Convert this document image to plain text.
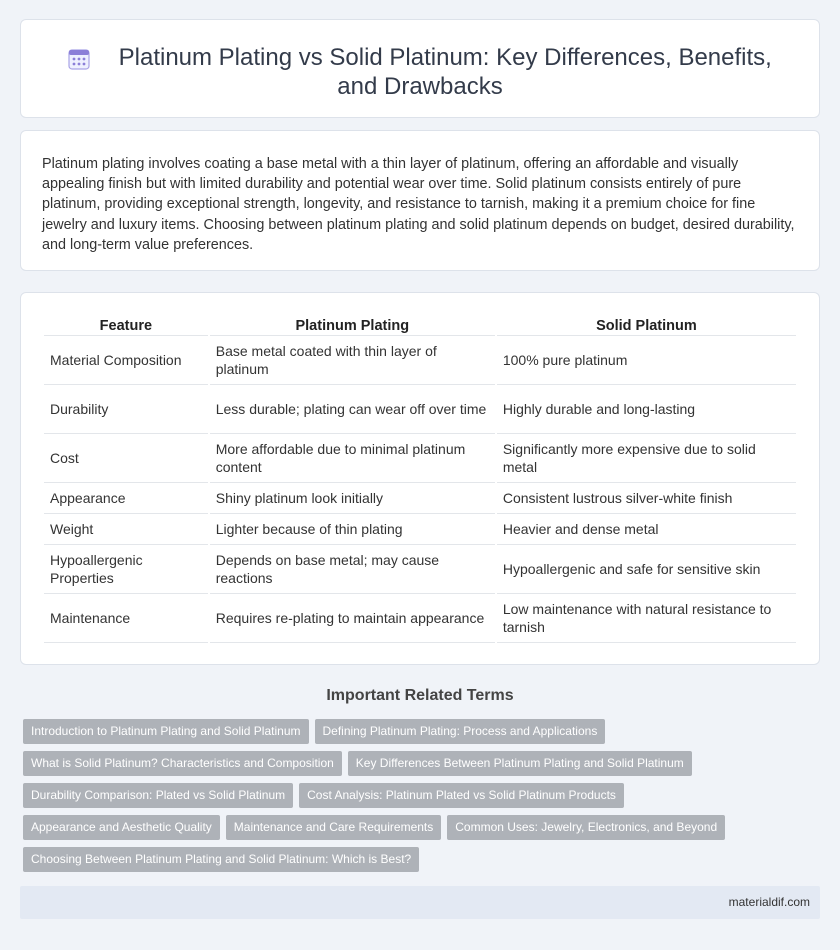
Platinum Plating vs Solid Platinum: Key Differences, Benefits, and Drawbacks

Platinum plating involves coating a base metal with a thin layer of platinum, offering an affordable and visually appealing finish but with limited durability and potential wear over time. Solid platinum consists entirely of pure platinum, providing exceptional strength, longevity, and resistance to tarnish, making it a premium choice for fine jewelry and luxury items. Choosing between platinum plating and solid platinum depends on budget, desired durability, and long-term value preferences.

Feature	Platinum Plating	Solid Platinum
Material Composition	Base metal coated with thin layer of platinum	100% pure platinum
Durability	Less durable; plating can wear off over time	Highly durable and long-lasting
Cost	More affordable due to minimal platinum content	Significantly more expensive due to solid metal
Appearance	Shiny platinum look initially	Consistent lustrous silver-white finish
Weight	Lighter because of thin plating	Heavier and dense metal
Hypoallergenic Properties	Depends on base metal; may cause reactions	Hypoallergenic and safe for sensitive skin
Maintenance	Requires re-plating to maintain appearance	Low maintenance with natural resistance to tarnish
Important Related Terms
Introduction to Platinum Plating and Solid Platinum Defining Platinum Plating: Process and Applications
What is Solid Platinum? Characteristics and Composition Key Differences Between Platinum Plating and Solid Platinum
Durability Comparison: Plated vs Solid Platinum Cost Analysis: Platinum Plated vs Solid Platinum Products
Appearance and Aesthetic Quality Maintenance and Care Requirements Common Uses: Jewelry, Electronics, and Beyond
Choosing Between Platinum Plating and Solid Platinum: Which is Best?
materialdif.com
